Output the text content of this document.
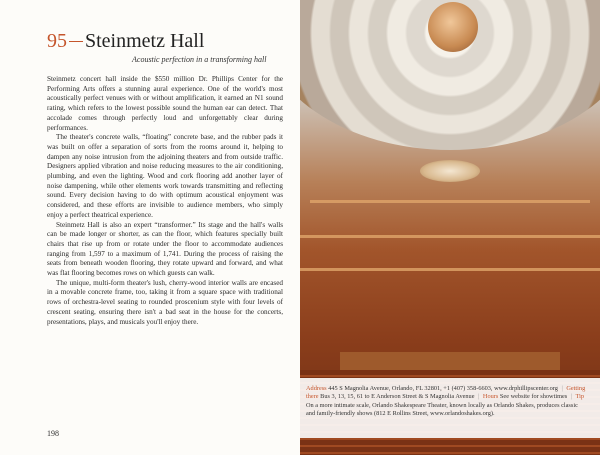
95 Steinmetz Hall
Acoustic perfection in a transforming hall

Steinmetz concert hall inside the $550 million Dr. Phillips Center for the Performing Arts offers a stunning aural experience. One of the world's most acoustically perfect venues with or without amplification, it earned an N1 sound rating, which refers to the lowest possible sound the human ear can detect. That accolade comes through perfectly loud and unforgettably clear during performances.

The theater's concrete walls, “floating” concrete base, and the rubber pads it was built on offer a separation of sorts from the rooms around it, helping to dampen any noise intrusion from the adjoining theaters and from outside traffic. Designers applied vibration and noise reducing measures to the air conditioning, plumbing, and even the lighting. Wood and cork flooring add another layer of noise dampening, while other elements work towards transmitting and reflecting sound. Every decision having to do with optimum acoustical enjoyment was considered, and these efforts are invisible to audience members, who simply enjoy a perfect theatrical experience.

Steinmetz Hall is also an expert “transformer.” Its stage and the hall's walls can be made longer or shorter, as can the floor, which features specially built chairs that rise up from or rotate under the floor to accommodate audiences ranging from 1,597 to a maximum of 1,741. During the process of raising the seats from beneath wooden flooring, they rotate upward and forward, and what was flat flooring becomes rows on which guests can walk.

The unique, multi-form theater's lush, cherry-wood interior walls are encased in a movable concrete frame, too, taking it from a square space with traditional rows of orchestra-level seating to rounded proscenium style with four levels of crescent seating, ensuring there isn't a bad seat in the house for the concerts, presentations, plays, and musicals you'll enjoy there.

198
Address 445 S Magnolia Avenue, Orlando, FL 32801, +1 (407) 358-6603, www.drphillipscenter.org | Getting there Bus 3, 13, 15, 61 to E Anderson Street & S Magnolia Avenue | Hours See website for showtimes | Tip On a more intimate scale, Orlando Shakespeare Theater, known locally as Orlando Shakes, produces classic and family-friendly shows (812 E Rollins Street, www.orlandoshakes.org).
